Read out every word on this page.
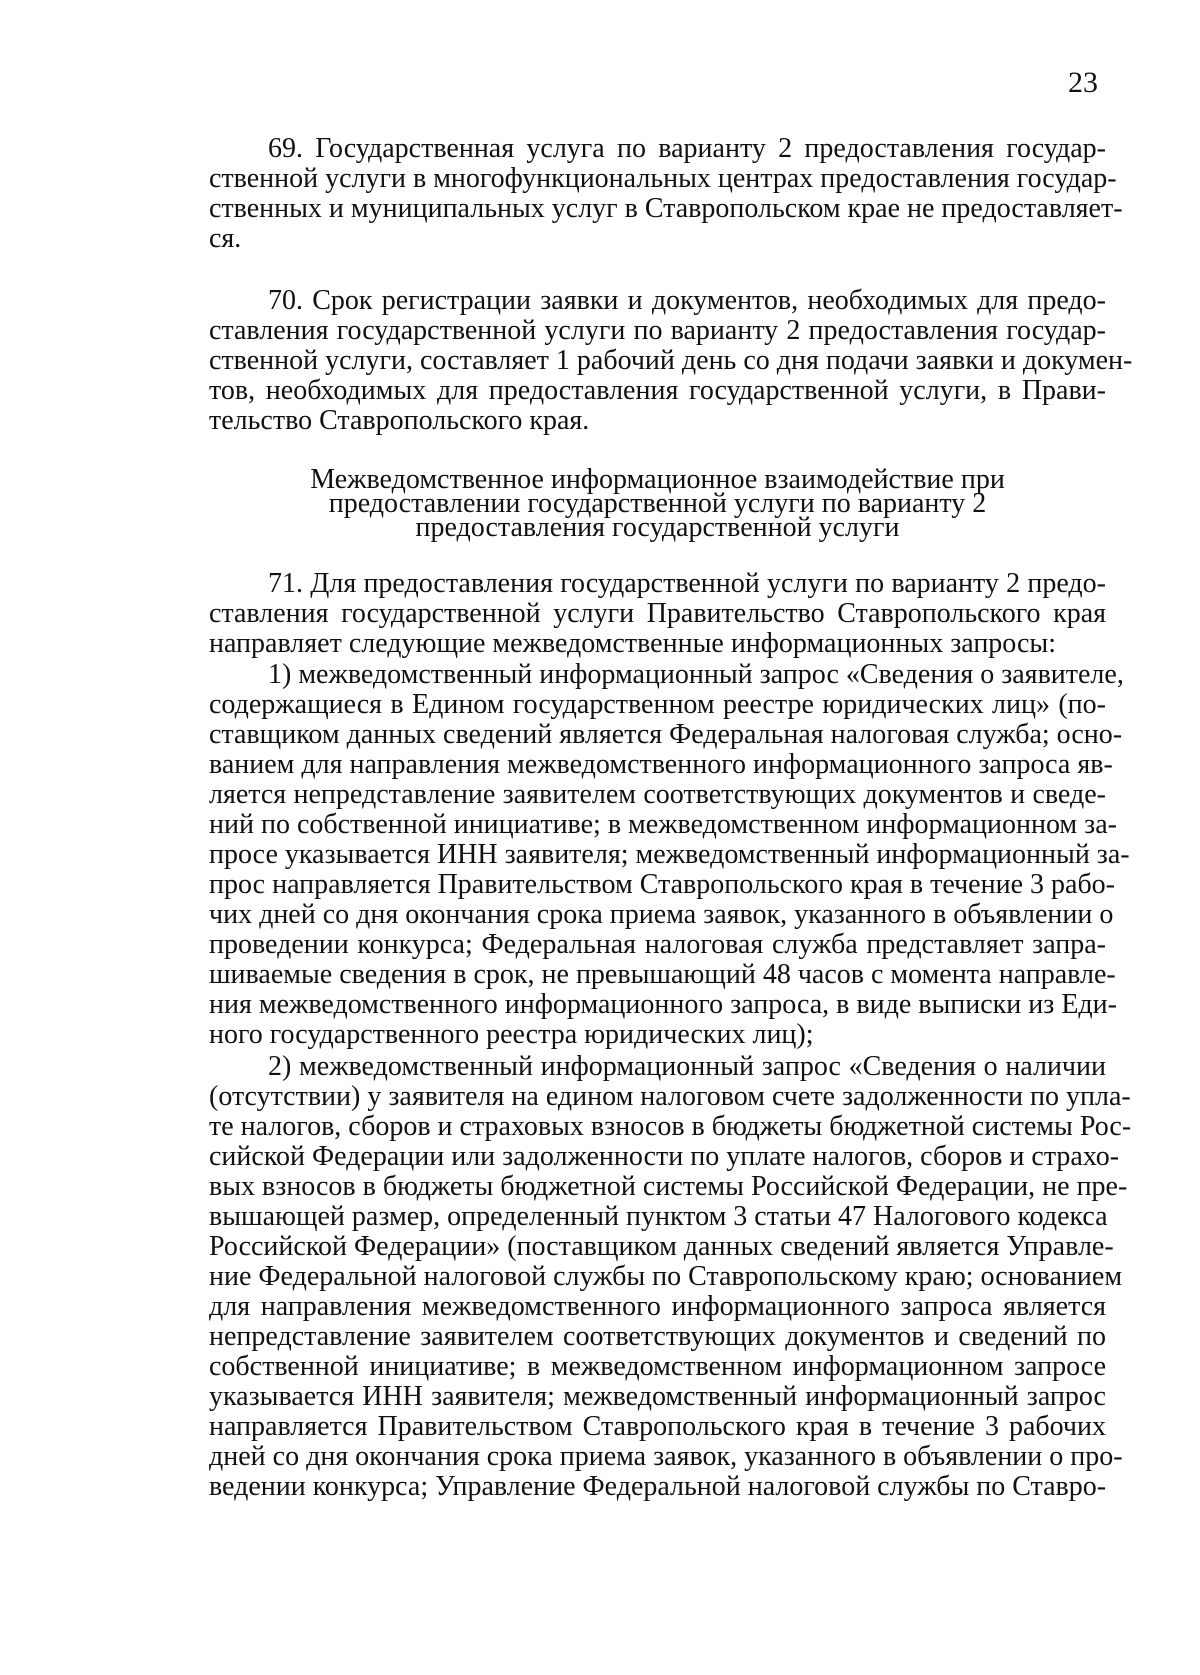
23
69. Государственная услуга по варианту 2 предоставления государ-
ственной услуги в многофункциональных центрах предоставления государ-
ственных и муниципальных услуг в Ставропольском крае не предоставляет-
ся.
70. Срок регистрации заявки и документов, необходимых для предо-
ставления государственной услуги по варианту 2 предоставления государ-
ственной услуги, составляет 1 рабочий день со дня подачи заявки и докумен-
тов, необходимых для предоставления государственной услуги, в Прави-
тельство Ставропольского края.
Межведомственное информационное взаимодействие при
предоставлении государственной услуги по варианту 2
предоставления государственной услуги
71. Для предоставления государственной услуги по варианту 2 предо-
ставления государственной услуги Правительство Ставропольского края
направляет следующие межведомственные информационных запросы:
1) межведомственный информационный запрос «Сведения о заявителе,
содержащиеся в Едином государственном реестре юридических лиц» (по-
ставщиком данных сведений является Федеральная налоговая служба; осно-
ванием для направления межведомственного информационного запроса яв-
ляется непредставление заявителем соответствующих документов и сведе-
ний по собственной инициативе; в межведомственном информационном за-
просе указывается ИНН заявителя; межведомственный информационный за-
прос направляется Правительством Ставропольского края в течение 3 рабо-
чих дней со дня окончания срока приема заявок, указанного в объявлении о
проведении конкурса; Федеральная налоговая служба представляет запра-
шиваемые сведения в срок, не превышающий 48 часов с момента направле-
ния межведомственного информационного запроса, в виде выписки из Еди-
ного государственного реестра юридических лиц);
2) межведомственный информационный запрос «Сведения о наличии
(отсутствии) у заявителя на едином налоговом счете задолженности по упла-
те налогов, сборов и страховых взносов в бюджеты бюджетной системы Рос-
сийской Федерации или задолженности по уплате налогов, сборов и страхо-
вых взносов в бюджеты бюджетной системы Российской Федерации, не пре-
вышающей размер, определенный пунктом 3 статьи 47 Налогового кодекса
Российской Федерации» (поставщиком данных сведений является Управле-
ние Федеральной налоговой службы по Ставропольскому краю; основанием
для направления межведомственного информационного запроса является
непредставление заявителем соответствующих документов и сведений по
собственной инициативе; в межведомственном информационном запросе
указывается ИНН заявителя; межведомственный информационный запрос
направляется Правительством Ставропольского края в течение 3 рабочих
дней со дня окончания срока приема заявок, указанного в объявлении о про-
ведении конкурса; Управление Федеральной налоговой службы по Ставро-
